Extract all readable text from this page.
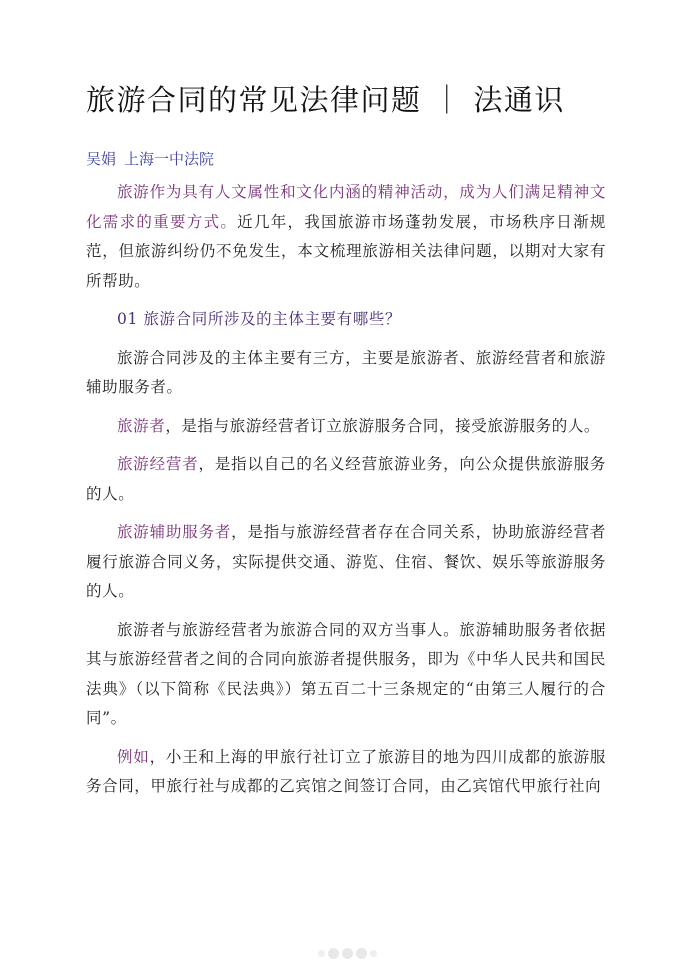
旅游合同的常见法律问题 ｜ 法通识
吴娟 上海一中法院

旅游作为具有人文属性和文化内涵的精神活动，成为人们满足精神文化需求的重要方式。近几年，我国旅游市场蓬勃发展，市场秩序日渐规范，但旅游纠纷仍不免发生，本文梳理旅游相关法律问题，以期对大家有所帮助。

01 旅游合同所涉及的主体主要有哪些？

旅游合同涉及的主体主要有三方，主要是旅游者、旅游经营者和旅游辅助服务者。

旅游者，是指与旅游经营者订立旅游服务合同，接受旅游服务的人。

旅游经营者，是指以自己的名义经营旅游业务，向公众提供旅游服务的人。

旅游辅助服务者，是指与旅游经营者存在合同关系，协助旅游经营者履行旅游合同义务，实际提供交通、游览、住宿、餐饮、娱乐等旅游服务的人。

旅游者与旅游经营者为旅游合同的双方当事人。旅游辅助服务者依据其与旅游经营者之间的合同向旅游者提供服务，即为《中华人民共和国民法典》（以下简称《民法典》）第五百二十三条规定的“由第三人履行的合同”。

例如，小王和上海的甲旅行社订立了旅游目的地为四川成都的旅游服务合同，甲旅行社与成都的乙宾馆之间签订合同，由乙宾馆代甲旅行社向
